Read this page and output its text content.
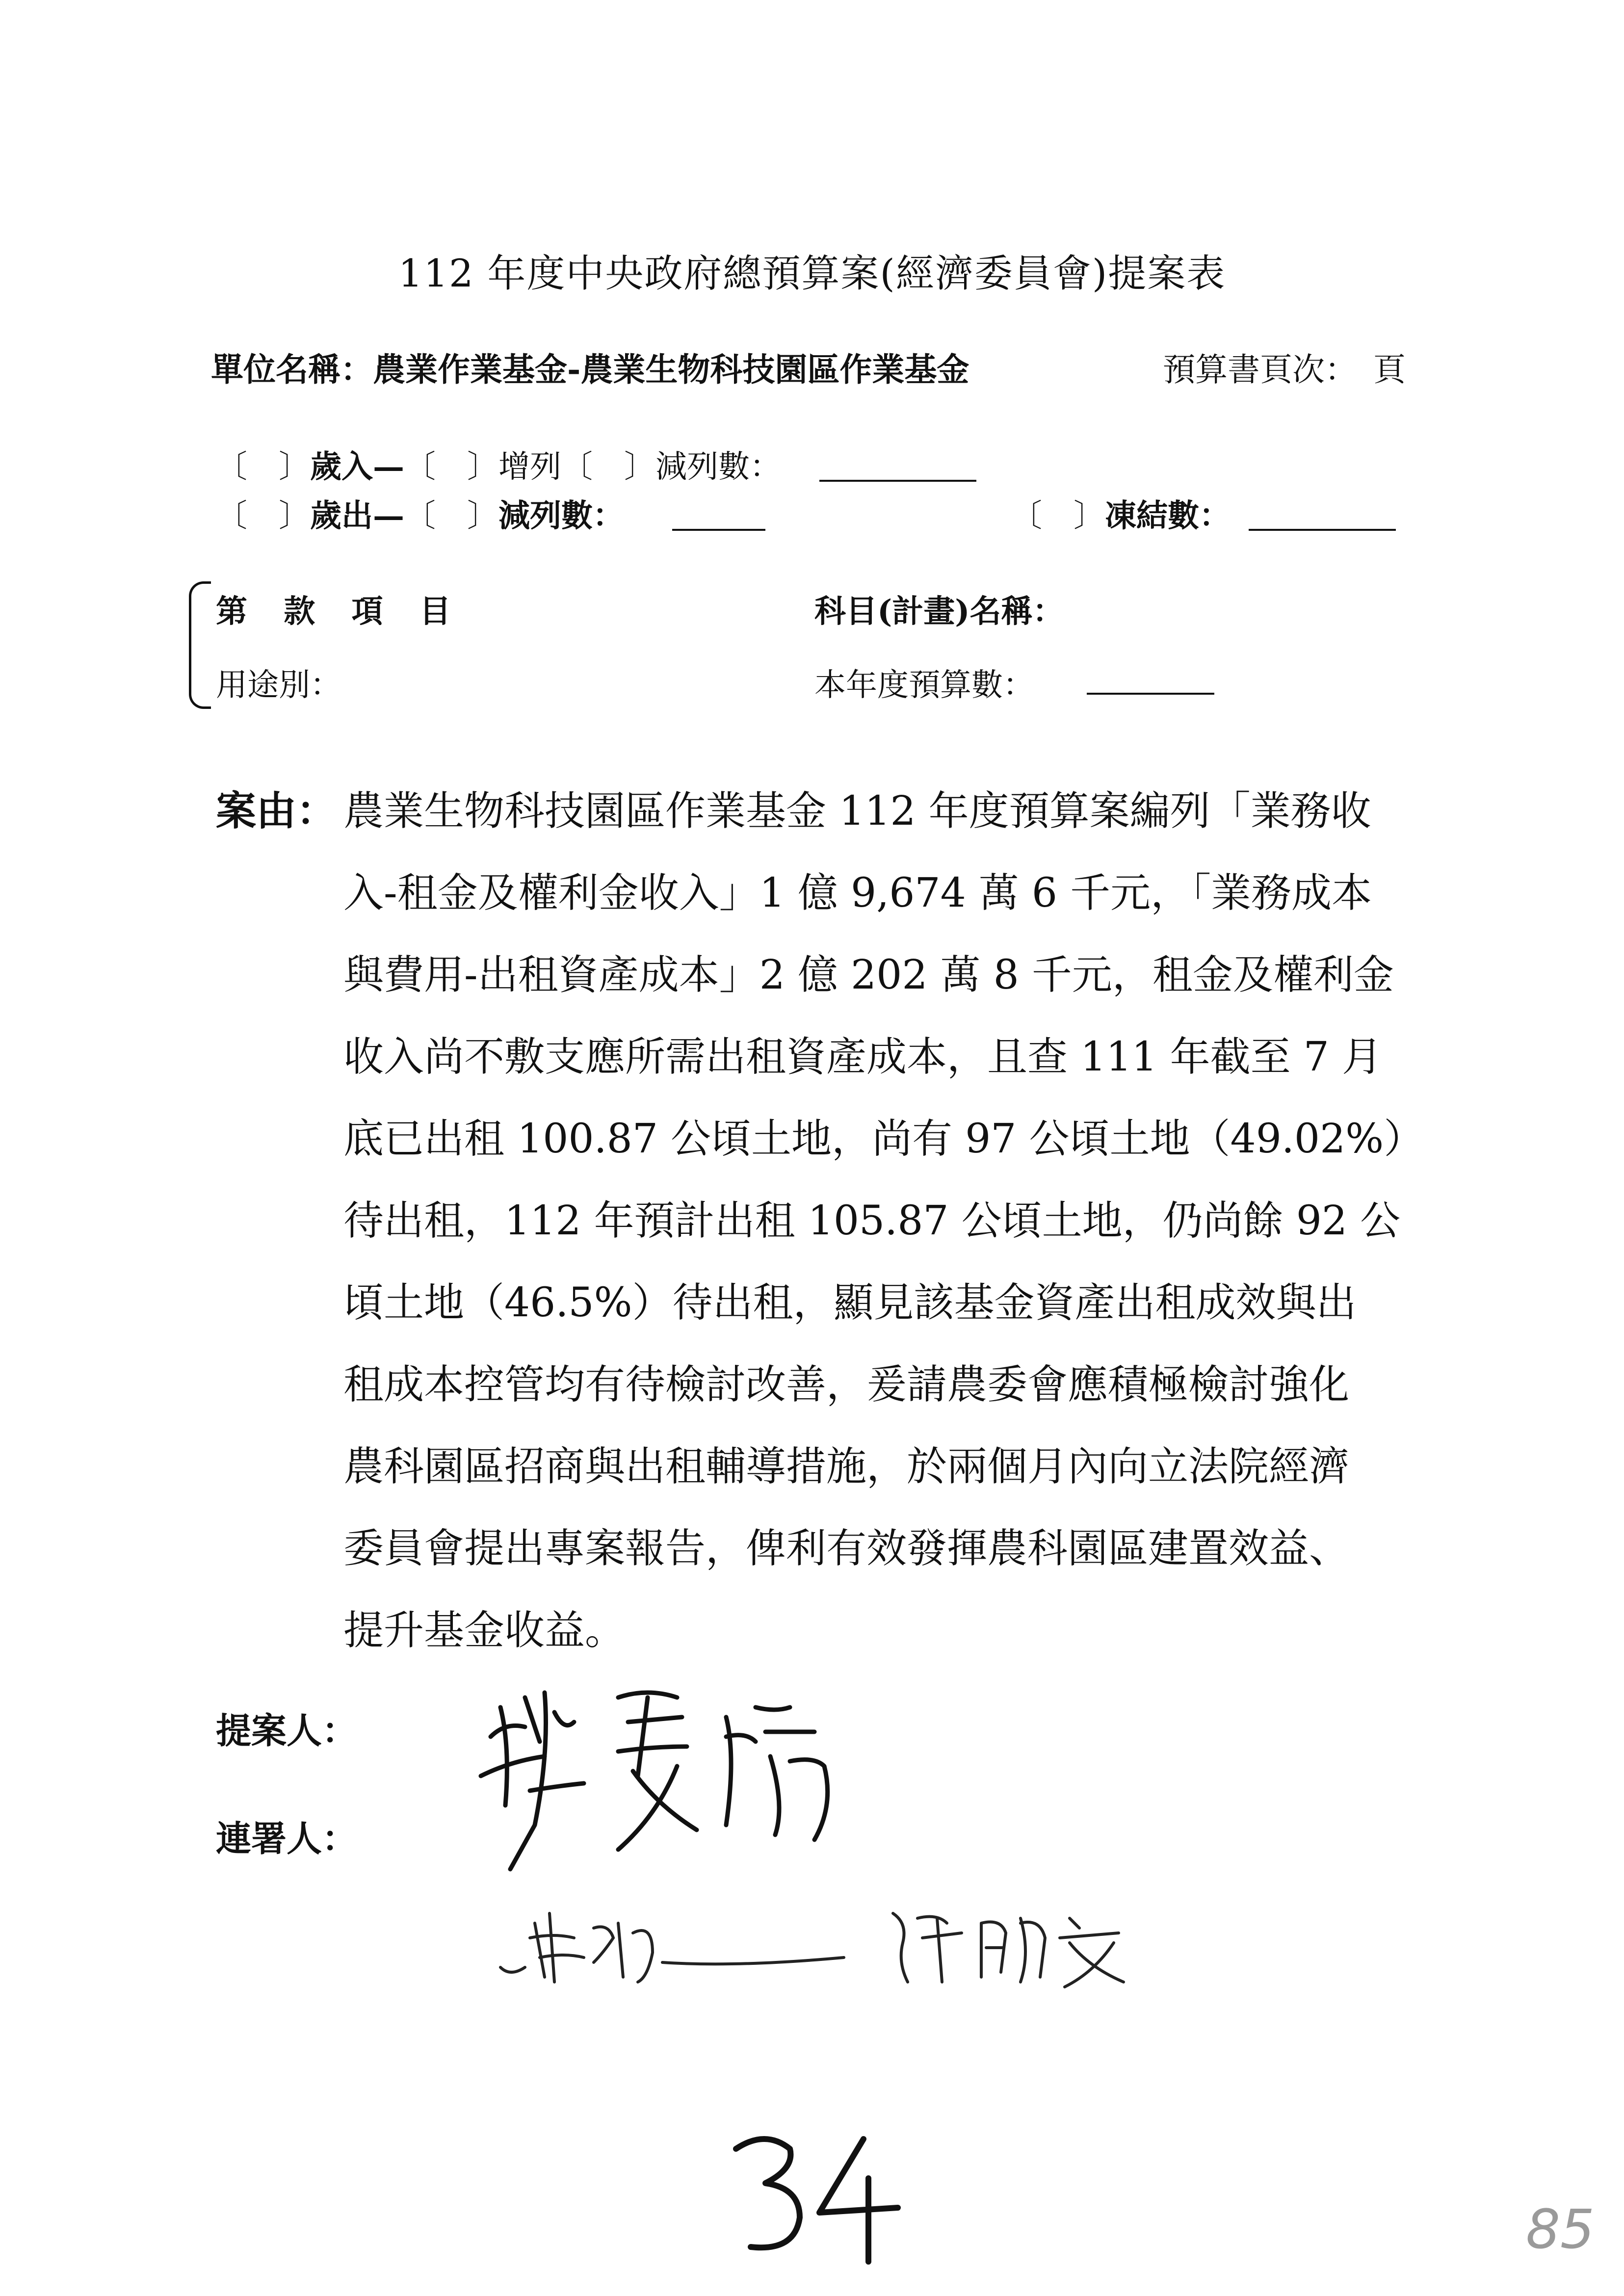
112 年度中央政府總預算案(經濟委員會)提案表
單位名稱：農業作業基金-農業生物科技園區作業基金	預算書頁次：　頁
〔　〕歲入—〔　〕增列〔　〕減列數：
〔　〕歲出—〔　〕減列數：	〔　〕凍結數：
第 款 項 目	科目(計畫)名稱：
用途別：	本年度預算數：
案由： 農業生物科技園區作業基金 112 年度預算案編列「業務收
入-租金及權利金收入」1 億 9,674 萬 6 千元，「業務成本
與費用-出租資產成本」2 億 202 萬 8 千元，租金及權利金
收入尚不敷支應所需出租資產成本，且查 111 年截至 7 月
底已出租 100.87 公頃土地，尚有 97 公頃土地（49.02%）
待出租，112 年預計出租 105.87 公頃土地，仍尚餘 92 公
頃土地（46.5%）待出租，顯見該基金資產出租成效與出
租成本控管均有待檢討改善，爰請農委會應積極檢討強化
農科園區招商與出租輔導措施，於兩個月內向立法院經濟
委員會提出專案報告，俾利有效發揮農科園區建置效益、
提升基金收益。
提案人：
連署人：
85
